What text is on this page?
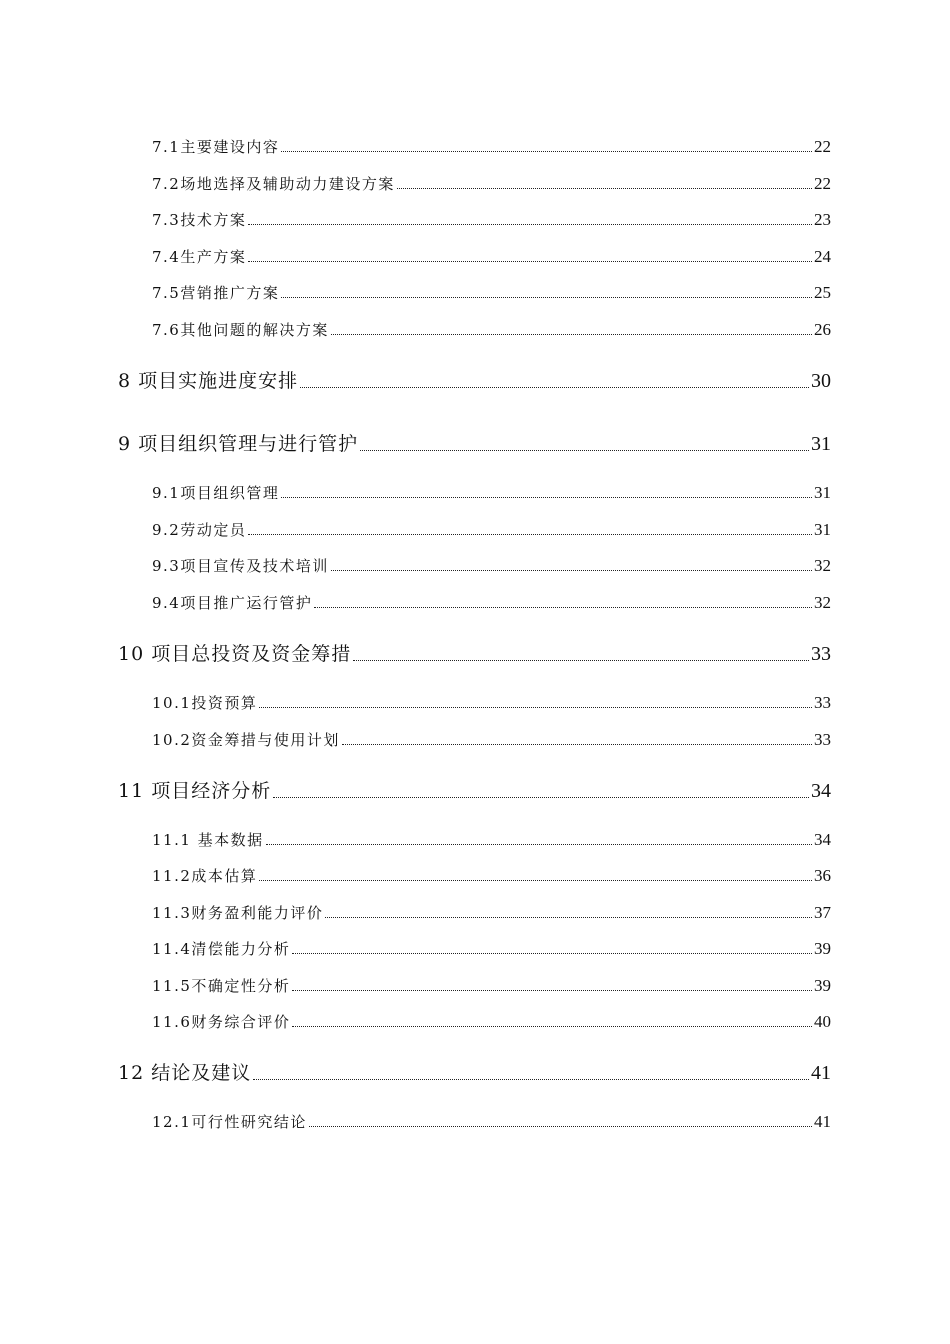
7.1主要建设内容	22
7.2场地选择及辅助动力建设方案	22
7.3技术方案	23
7.4生产方案	24
7.5营销推广方案	25
7.6其他问题的解决方案	26
8 项目实施进度安排	30
9 项目组织管理与进行管护	31
9.1项目组织管理	31
9.2劳动定员	31
9.3项目宣传及技术培训	32
9.4项目推广运行管护	32
10 项目总投资及资金筹措	33
10.1投资预算	33
10.2资金筹措与使用计划	33
11 项目经济分析	34
11.1 基本数据	34
11.2成本估算	36
11.3财务盈利能力评价	37
11.4清偿能力分析	39
11.5不确定性分析	39
11.6财务综合评价	40
12 结论及建议	41
12.1可行性研究结论	41
